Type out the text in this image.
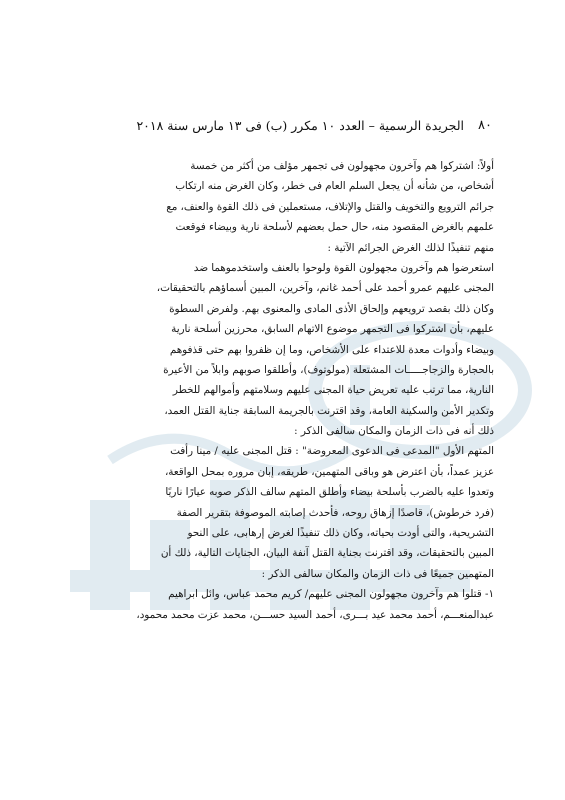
٨٠
الجريدة الرسمية – العدد ١٠ مكرر (ب) فى ١٣ مارس سنة ٢٠١٨
أولاً: اشتركوا هم وآخرون مجهولون فى تجمهر مؤلف من أكثر من خمسة
أشخاص، من شأنه أن يجعل السلم العام فى خطر، وكان الغرض منه ارتكاب
جرائم الترويع والتخويف والقتل والإتلاف، مستعملين فى ذلك القوة والعنف، مع
علمهم بالغرض المقصود منه، حال حمل بعضهم لأسلحة نارية وبيضاء فوقعت
منهم تنفيذًا لذلك الغرض الجرائم الآتية :
استعرضوا هم وآخرون مجهولون القوة ولوحوا بالعنف واستخدموهما ضد
المجنى عليهم عمرو أحمد على أحمد غانم، وآخرين، المبين أسماؤهم بالتحقيقات،
وكان ذلك بقصد ترويعهم وإلحاق الأذى المادى والمعنوى بهم. ولفرض السطوة
عليهم، بأن اشتركوا فى التجمهر موضوع الاتهام السابق، محرزين أسلحة نارية
وبيضاء وأدوات معدة للاعتداء على الأشخاص، وما إن ظفروا بهم حتى قذفوهم
بالحجارة والزجاجـــــات المشتعلة (مولوتوف)، وأطلقوا صوبهم وابلاً من الأعيرة
النارية، مما ترتب عليه تعريض حياة المجنى عليهم وسلامتهم وأموالهم للخطر
وتكدير الأمن والسكينة العامة، وقد اقترنت بالجريمة السابقة جناية القتل العمد،
ذلك أنه فى ذات الزمان والمكان سالفى الذكر :
المتهم الأول "المدعى فى الدعوى المعروضة" : قتل المجنى عليه / مينا رأفت
عزيز عمداً، بأن اعترض هو وباقى المتهمين، طريقه، إبان مروره بمحل الواقعة،
وتعدوا عليه بالضرب بأسلحة بيضاء وأطلق المتهم سالف الذكر صوبه عيارًا ناريًا
(فرد خرطوش)، قاصدًا إزهاق روحه، فأحدث إصابته الموصوفة بتقرير الصفة
التشريحية، والتى أودت بحياته، وكان ذلك تنفيذًا لغرض إرهابى، على النحو
المبين بالتحقيقات، وقد اقترنت بجناية القتل آنفة البيان، الجنايات التالية، ذلك أن
المتهمين جميعًا فى ذات الزمان والمكان سالفى الذكر :
١- قتلوا هم وآخرون مجهولون المجنى عليهم/ كريم محمد عباس، وائل ابراهيم
عبدالمنعـــم، أحمد محمد عيد بـــرى، أحمد السيد حســـن، محمد عزت محمد محمود،
